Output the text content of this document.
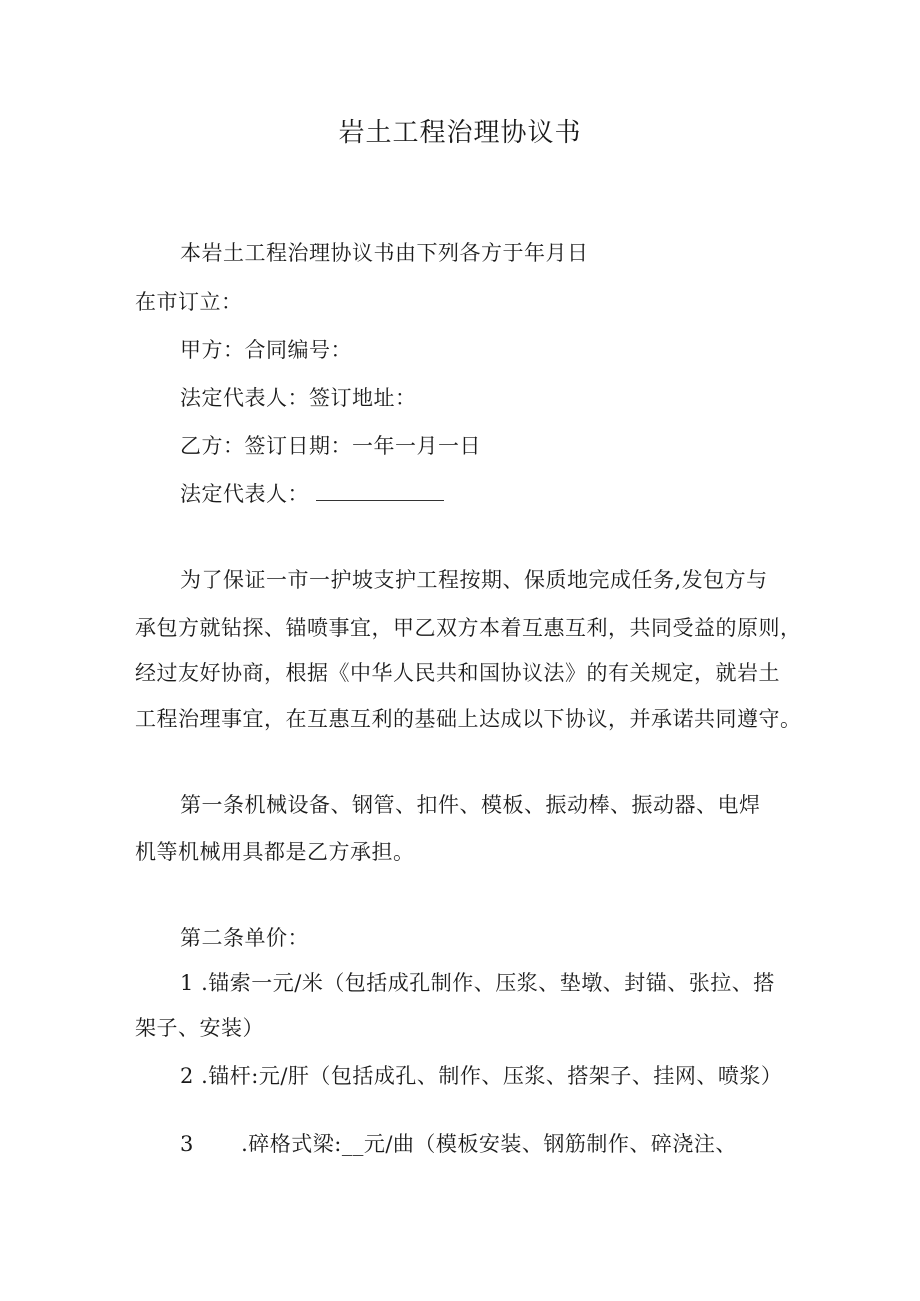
岩土工程治理协议书
本岩土工程治理协议书由下列各方于年月日
在市订立：
甲方：合同编号：
法定代表人：签订地址：
乙方：签订日期：一年一月一日
法定代表人：
为了保证一市一护坡支护工程按期、保质地完成任务,发包方与
承包方就钻探、锚喷事宜，甲乙双方本着互惠互利，共同受益的原则，
经过友好协商，根据《中华人民共和国协议法》的有关规定，就岩土
工程治理事宜，在互惠互利的基础上达成以下协议，并承诺共同遵守。
第一条机械设备、钢管、扣件、模板、振动棒、振动器、电焊
机等机械用具都是乙方承担。
第二条单价：
1 .锚索一元/米（包括成孔制作、压浆、垫墩、封锚、张拉、搭
架子、安装）
2 .锚杆:元/肝（包括成孔、制作、压浆、搭架子、挂网、喷浆）
3 .碎格式梁:__元/曲（模板安装、钢筋制作、碎浇注、
